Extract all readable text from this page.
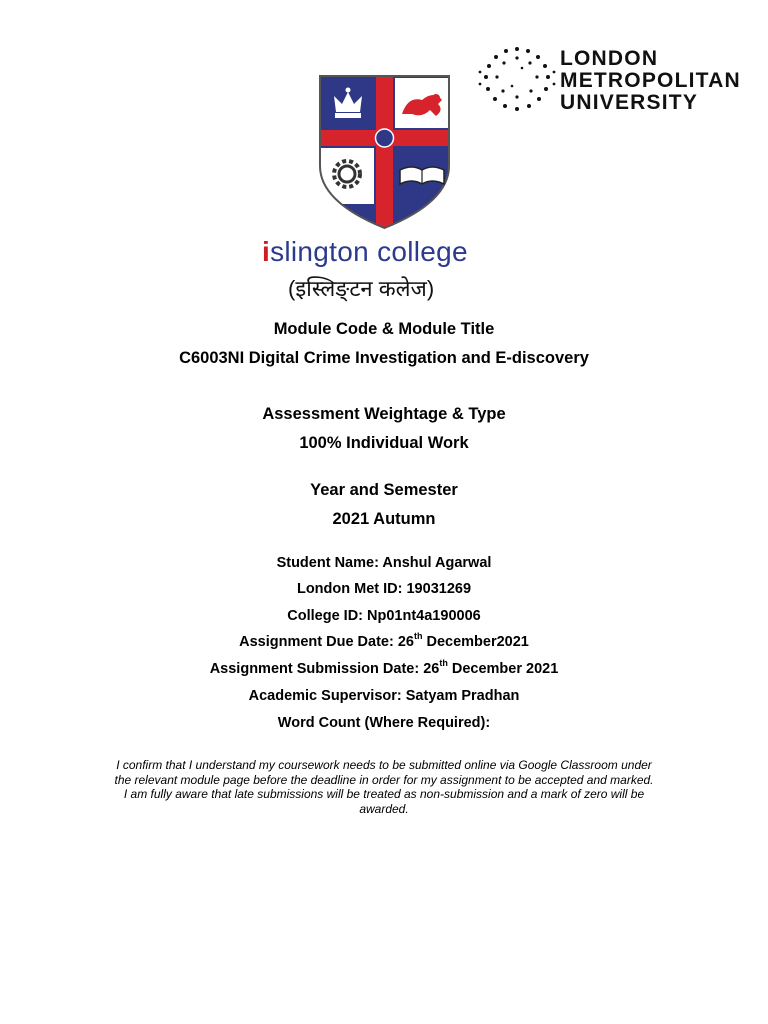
LONDON
METROPOLITAN
UNIVERSITY
islington college
(इस्लिङ्टन कलेज)
Module Code & Module Title
C6003NI Digital Crime Investigation and E-discovery
Assessment Weightage & Type
100% Individual Work
Year and Semester
2021 Autumn
Student Name: Anshul Agarwal
London Met ID: 19031269
College ID: Np01nt4a190006
Assignment Due Date: 26th December2021
Assignment Submission Date: 26th December 2021
Academic Supervisor: Satyam Pradhan
Word Count (Where Required):
I confirm that I understand my coursework needs to be submitted online via Google Classroom under
the relevant module page before the deadline in order for my assignment to be accepted and marked.
I am fully aware that late submissions will be treated as non-submission and a mark of zero will be
awarded.
